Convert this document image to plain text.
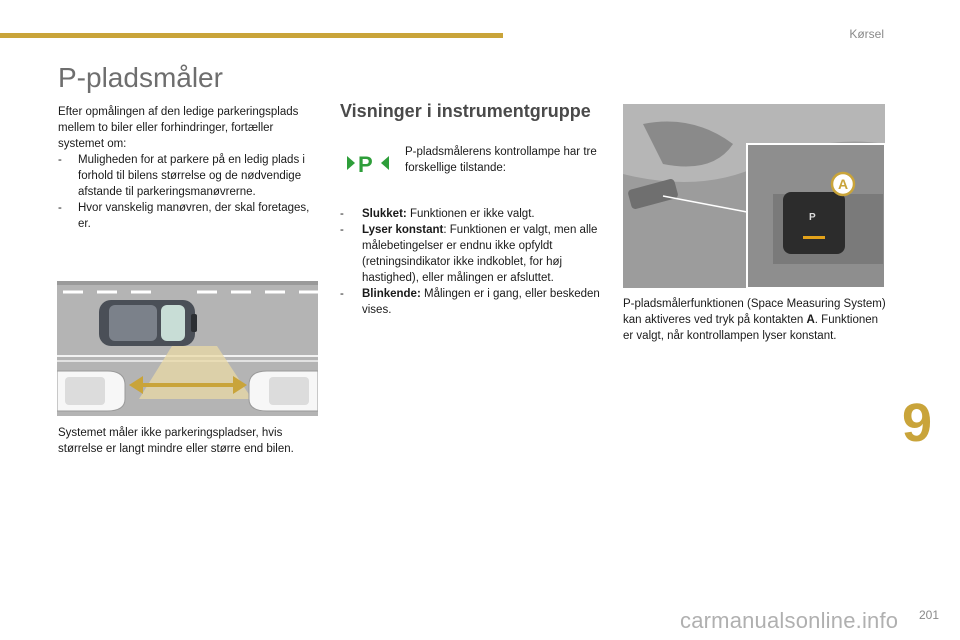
Kørsel
P-pladsmåler

Efter opmålingen af den ledige parkeringsplads mellem to biler eller forhindringer, fortæller systemet om:

- Muligheden for at parkere på en ledig plads i forhold til bilens størrelse og de nødvendige afstande til parkeringsmanøvrerne.

- Hvor vanskelig manøvren, der skal foretages, er.

Systemet måler ikke parkeringspladser, hvis størrelse er langt mindre eller større end bilen.

Visninger i instrumentgruppe
P	P-pladsmålerens kontrollampe har tre forskellige tilstande:

- Slukket: Funktionen er ikke valgt.

- Lyser konstant: Funktionen er valgt, men alle målebetingelser er endnu ikke opfyldt (retningsindikator ikke indkoblet, for høj hastighed), eller målingen er afsluttet.

- Blinkende: Målingen er i gang, eller beskeden vises.

P
A

P-pladsmålerfunktionen (Space Measuring System) kan aktiveres ved tryk på kontakten A. Funktionen er valgt, når kontrollampen lyser konstant.

9
carmanualsonline.info 201
